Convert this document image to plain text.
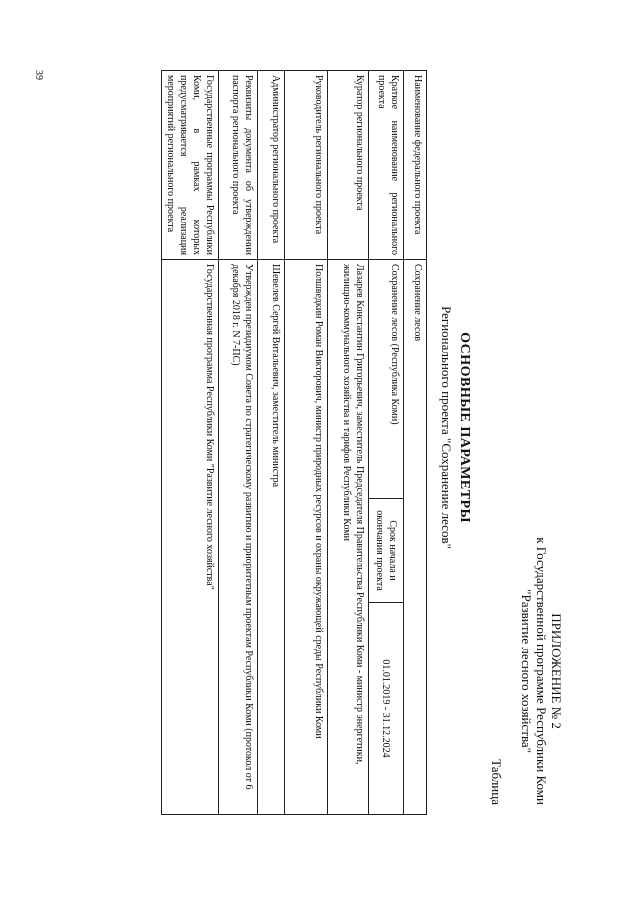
39
ПРИЛОЖЕНИЕ № 2
к Государственной программе Республики Коми
"Развитие лесного хозяйства"
Таблица
ОСНОВНЫЕ ПАРАМЕТРЫ
Регионального проекта "Сохранение лесов"
Наименование федерального проекта	Сохранение лесов		
Краткое наименование регионального проекта	Сохранение лесов (Республика Коми)	Срок начала и окончания проекта	01.01.2019 - 31.12.2024
Куратор регионального проекта	Лазарев Константин Григорьевич, заместитель Председателя Правительства Республики Коми - министр энергетики, жилищно-коммунального хозяйства и тарифов Республики Коми		
Руководитель регионального проекта	Полшведкин Роман Викторович, министр природных ресурсов и охраны окружающей среды Республики Коми		
Администратор регионального проекта	Шевелев Сергей Витальевич, заместитель министра		
Реквизиты документа об утверждении паспорта регионального проекта	Утвержден президиумом Совета по стратегическому развитию и приоритетным проектам Республики Коми (протокол от 6 декабря 2018 г. N 7-ПС)		
Государственные программы Республики Коми, в рамках которых предусматривается реализация мероприятий регионального проекта	Государственная программа Республики Коми "Развитие лесного хозяйства"		
